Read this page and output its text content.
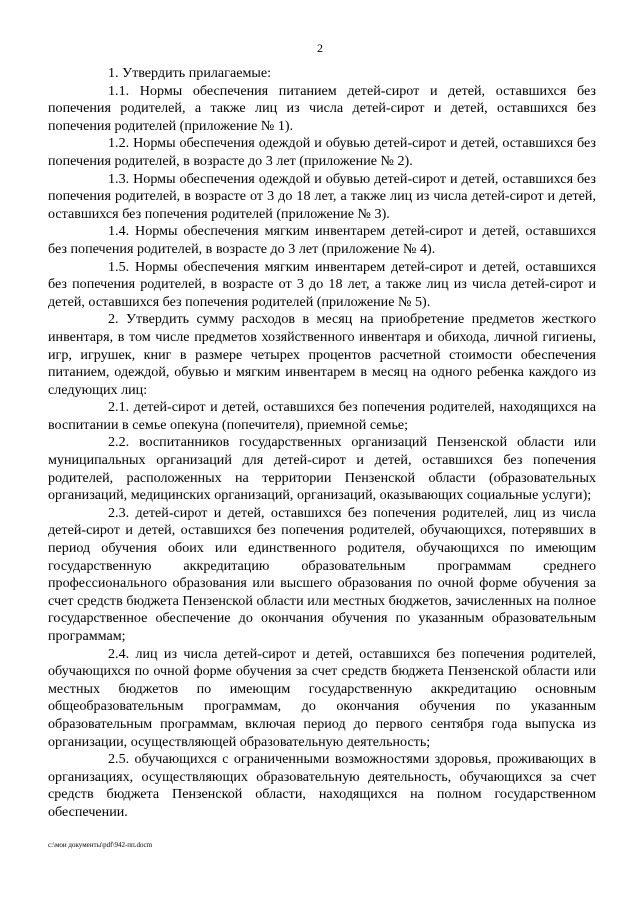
2

1. Утвердить прилагаемые:

1.1. Нормы обеспечения питанием детей-сирот и детей, оставшихся без попечения родителей, а также лиц из числа детей-сирот и детей, оставшихся без попечения родителей (приложение № 1).

1.2. Нормы обеспечения одеждой и обувью детей-сирот и детей, оставшихся без попечения родителей, в возрасте до 3 лет (приложение № 2).

1.3. Нормы обеспечения одеждой и обувью детей-сирот и детей, оставшихся без попечения родителей, в возрасте от 3 до 18 лет, а также лиц из числа детей-сирот и детей, оставшихся без попечения родителей (приложение № 3).

1.4. Нормы обеспечения мягким инвентарем детей-сирот и детей, оставшихся без попечения родителей, в возрасте до 3 лет (приложение № 4).

1.5. Нормы обеспечения мягким инвентарем детей-сирот и детей, оставшихся без попечения родителей, в возрасте от 3 до 18 лет, а также лиц из числа детей-сирот и детей, оставшихся без попечения родителей (приложение № 5).

2. Утвердить сумму расходов в месяц на приобретение предметов жесткого инвентаря, в том числе предметов хозяйственного инвентаря и обихода, личной гигиены, игр, игрушек, книг в размере четырех процентов расчетной стоимости обеспечения питанием, одеждой, обувью и мягким инвентарем в месяц на одного ребенка каждого из следующих лиц:

2.1. детей-сирот и детей, оставшихся без попечения родителей, находящихся на воспитании в семье опекуна (попечителя), приемной семье;

2.2. воспитанников государственных организаций Пензенской области или муниципальных организаций для детей-сирот и детей, оставшихся без попечения родителей, расположенных на территории Пензенской области (образовательных организаций, медицинских организаций, организаций, оказывающих социальные услуги);

2.3. детей-сирот и детей, оставшихся без попечения родителей, лиц из числа детей-сирот и детей, оставшихся без попечения родителей, обучающихся, потерявших в период обучения обоих или единственного родителя, обучающихся по имеющим государственную аккредитацию образовательным программам среднего профессионального образования или высшего образования по очной форме обучения за счет средств бюджета Пензенской области или местных бюджетов, зачисленных на полное государственное обеспечение до окончания обучения по указанным образовательным программам;

2.4. лиц из числа детей-сирот и детей, оставшихся без попечения родителей, обучающихся по очной форме обучения за счет средств бюджета Пензенской области или местных бюджетов по имеющим государственную аккредитацию основным общеобразовательным программам, до окончания обучения по указанным образовательным программам, включая период до первого сентября года выпуска из организации, осуществляющей образовательную деятельность;

2.5. обучающихся с ограниченными возможностями здоровья, проживающих в организациях, осуществляющих образовательную деятельность, обучающихся за счет средств бюджета Пензенской области, находящихся на полном государственном обеспечении.

c:\мои документы\pdf\942-пп.docm
